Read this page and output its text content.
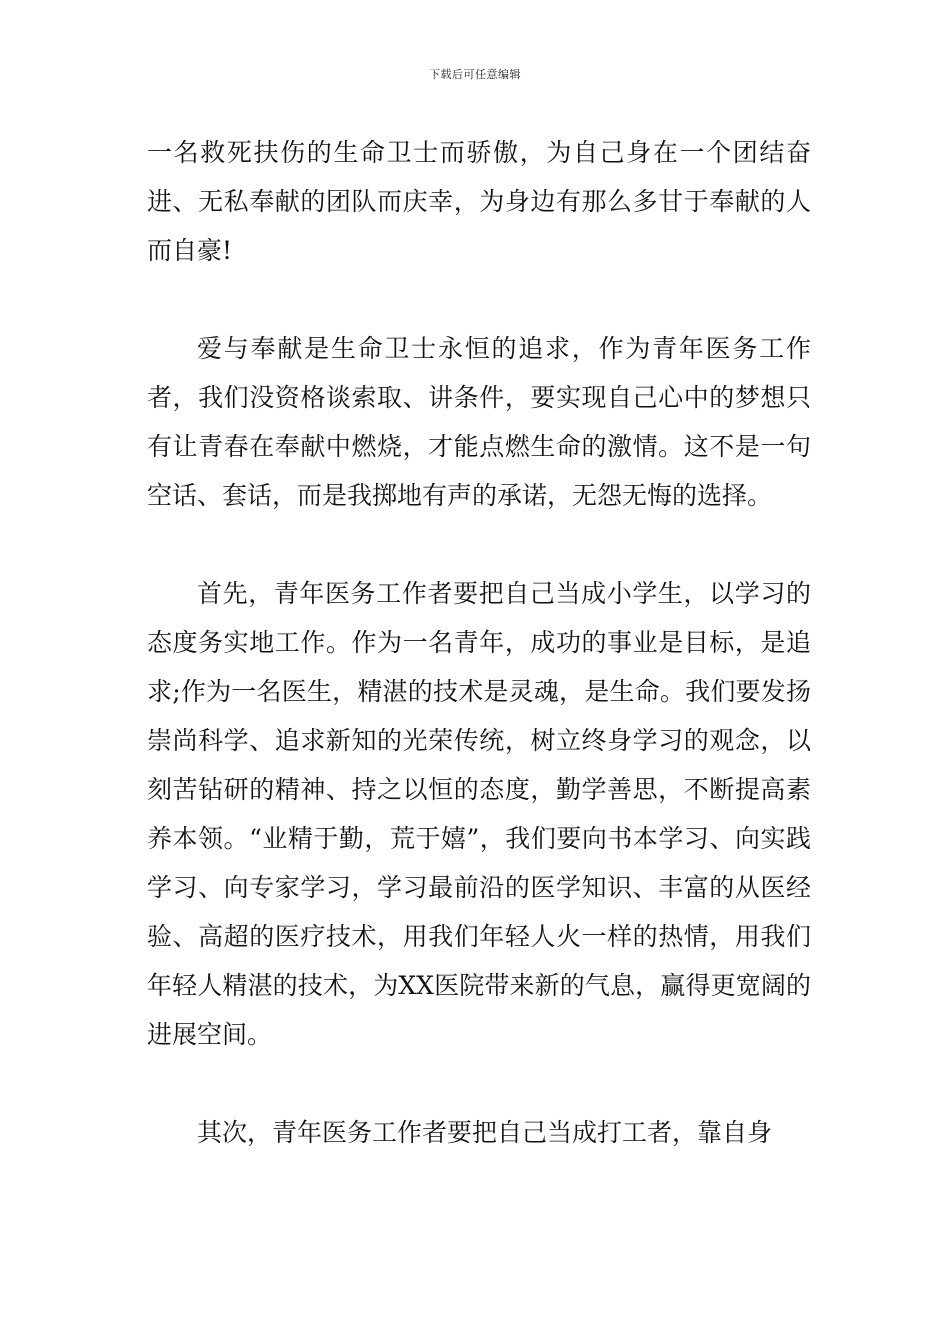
下载后可任意编辑

一名救死扶伤的生命卫士而骄傲，为自己身在一个团结奋进、无私奉献的团队而庆幸，为身边有那么多甘于奉献的人而自豪!

爱与奉献是生命卫士永恒的追求，作为青年医务工作者，我们没资格谈索取、讲条件，要实现自己心中的梦想只有让青春在奉献中燃烧，才能点燃生命的激情。这不是一句空话、套话，而是我掷地有声的承诺，无怨无悔的选择。

首先，青年医务工作者要把自己当成小学生，以学习的态度务实地工作。作为一名青年，成功的事业是目标，是追求;作为一名医生，精湛的技术是灵魂，是生命。我们要发扬崇尚科学、追求新知的光荣传统，树立终身学习的观念，以刻苦钻研的精神、持之以恒的态度，勤学善思，不断提高素养本领。“业精于勤，荒于嬉”，我们要向书本学习、向实践学习、向专家学习，学习最前沿的医学知识、丰富的从医经验、高超的医疗技术，用我们年轻人火一样的热情，用我们年轻人精湛的技术，为XX医院带来新的气息，赢得更宽阔的进展空间。

其次，青年医务工作者要把自己当成打工者，靠自身
